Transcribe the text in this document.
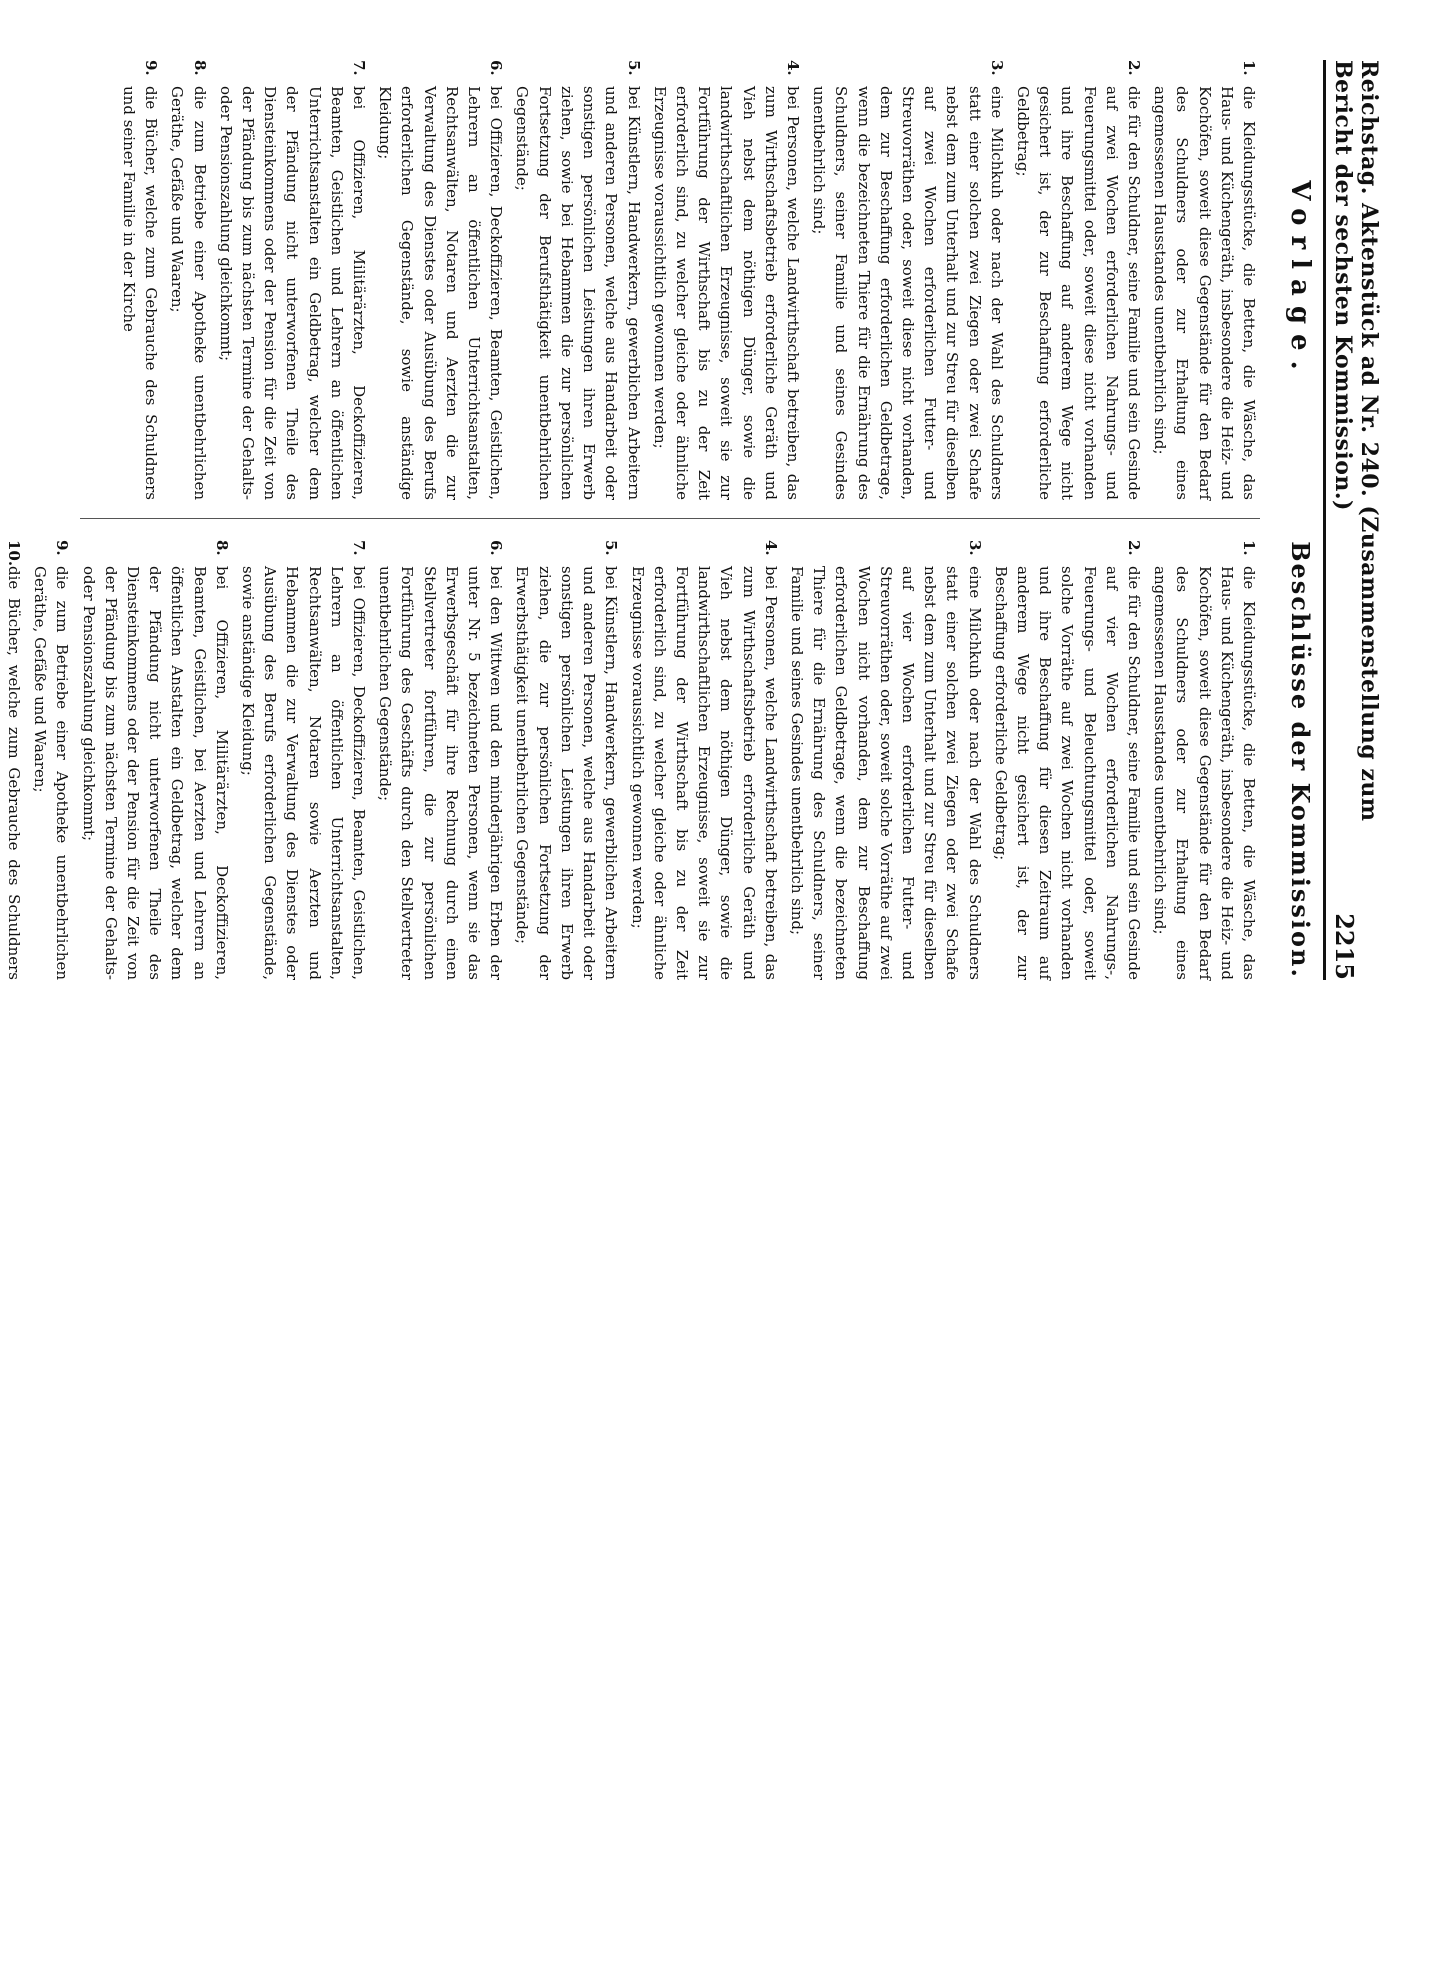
Reichstag. Aktenstück ad Nr. 240. (Zusammenstellung zum Bericht der sechsten Kommission.)
2215
Vorlage.
Beschlüsse der Kommission.
1.
die Kleidungsstücke, die Betten, die Wäsche, das Haus- und Küchengeräth, insbesondere die Heiz- und Kochöfen, soweit diese Gegenstände für den Bedarf des Schuldners oder zur Erhaltung eines angemessenen Hausstandes unentbehrlich sind;
2.
die für den Schuldner, seine Familie und sein Gesinde auf zwei Wochen erforderlichen Nahrungs- und Feuerungsmittel oder, soweit diese nicht vorhanden und ihre Beschaffung auf anderem Wege nicht gesichert ist, der zur Beschaffung erforderliche Geldbetrag;
3.
eine Milchkuh oder nach der Wahl des Schuldners statt einer solchen zwei Ziegen oder zwei Schafe nebst dem zum Unterhalt und zur Streu für dieselben auf zwei Wochen erforderlichen Futter- und Streuvorräthen oder, soweit diese nicht vorhanden, dem zur Beschaffung erforderlichen Geldbetrage, wenn die bezeichneten Thiere für die Ernährung des Schuldners, seiner Familie und seines Gesindes unentbehrlich sind;
4.
bei Personen, welche Landwirthschaft betreiben, das zum Wirthschaftsbetrieb erforderliche Geräth und Vieh nebst dem nöthigen Dünger, sowie die landwirthschaftlichen Erzeugnisse, soweit sie zur Fortführung der Wirthschaft bis zu der Zeit erforderlich sind, zu welcher gleiche oder ähnliche Erzeugnisse voraussichtlich gewonnen werden;
5.
bei Künstlern, Handwerkern, gewerblichen Arbeitern und anderen Personen, welche aus Handarbeit oder sonstigen persönlichen Leistungen ihren Erwerb ziehen, sowie bei Hebammen die zur persönlichen Fortsetzung der Berufsthätigkeit unentbehrlichen Gegenstände;
6.
bei Offizieren, Deckoffizieren, Beamten, Geistlichen, Lehrern an öffentlichen Unterrichtsanstalten, Rechtsanwälten, Notaren und Aerzten die zur Verwaltung des Dienstes oder Ausübung des Berufs erforderlichen Gegenstände, sowie anständige Kleidung;
7.
bei Offizieren, Militärärzten, Deckoffizieren, Beamten, Geistlichen und Lehrern an öffentlichen Unterrichtsanstalten ein Geldbetrag, welcher dem der Pfändung nicht unterworfenen Theile des Diensteinkommens oder der Pension für die Zeit von der Pfändung bis zum nächsten Termine der Gehalts- oder Pensionszahlung gleichkommt;
8.
die zum Betriebe einer Apotheke unentbehrlichen Geräthe, Gefäße und Waaren;
9.
die Bücher, welche zum Gebrauche des Schuldners und seiner Familie in der Kirche
1.
die Kleidungsstücke, die Betten, die Wäsche, das Haus- und Küchengeräth, insbesondere die Heiz- und Kochöfen, soweit diese Gegenstände für den Bedarf des Schuldners oder zur Erhaltung eines angemessenen Hausstandes unentbehrlich sind;
2.
die für den Schuldner, seine Familie und sein Gesinde auf vier Wochen erforderlichen Nahrungs-, Feuerungs- und Beleuchtungsmittel oder, soweit solche Vorräthe auf zwei Wochen nicht vorhanden und ihre Beschaffung für diesen Zeitraum auf anderem Wege nicht gesichert ist, der zur Beschaffung erforderliche Geldbetrag;
3.
eine Milchkuh oder nach der Wahl des Schuldners statt einer solchen zwei Ziegen oder zwei Schafe nebst dem zum Unterhalt und zur Streu für dieselben auf vier Wochen erforderlichen Futter- und Streuvorräthen oder, soweit solche Vorräthe auf zwei Wochen nicht vorhanden, dem zur Beschaffung erforderlichen Geldbetrage, wenn die bezeichneten Thiere für die Ernährung des Schuldners, seiner Familie und seines Gesindes unentbehrlich sind;
4.
bei Personen, welche Landwirthschaft betreiben, das zum Wirthschaftsbetrieb erforderliche Geräth und Vieh nebst dem nöthigen Dünger, sowie die landwirthschaftlichen Erzeugnisse, soweit sie zur Fortführung der Wirthschaft bis zu der Zeit erforderlich sind, zu welcher gleiche oder ähnliche Erzeugnisse voraussichtlich gewonnen werden;
5.
bei Künstlern, Handwerkern, gewerblichen Arbeitern und anderen Personen, welche aus Handarbeit oder sonstigen persönlichen Leistungen ihren Erwerb ziehen, die zur persönlichen Fortsetzung der Erwerbsthätigkeit unentbehrlichen Gegenstände;
6.
bei den Wittwen und den minderjährigen Erben der unter Nr. 5 bezeichneten Personen, wenn sie das Erwerbsgeschäft für ihre Rechnung durch einen Stellvertreter fortführen, die zur persönlichen Fortführung des Geschäfts durch den Stellvertreter unentbehrlichen Gegenstände;
7.
bei Offizieren, Deckoffizieren, Beamten, Geistlichen, Lehrern an öffentlichen Unterrichtsanstalten, Rechtsanwälten, Notaren sowie Aerzten und Hebammen die zur Verwaltung des Dienstes oder Ausübung des Berufs erforderlichen Gegenstände, sowie anständige Kleidung;
8.
bei Offizieren, Militärärzten, Deckoffizieren, Beamten, Geistlichen, bei Aerzten und Lehrern an öffentlichen Anstalten ein Geldbetrag, welcher dem der Pfändung nicht unterworfenen Theile des Diensteinkommens oder der Pension für die Zeit von der Pfändung bis zum nächsten Termine der Gehalts- oder Pensionszahlung gleichkommt;
9.
die zum Betriebe einer Apotheke unentbehrlichen Geräthe, Gefäße und Waaren;
10.
die Bücher, welche zum Gebrauche des Schuldners
